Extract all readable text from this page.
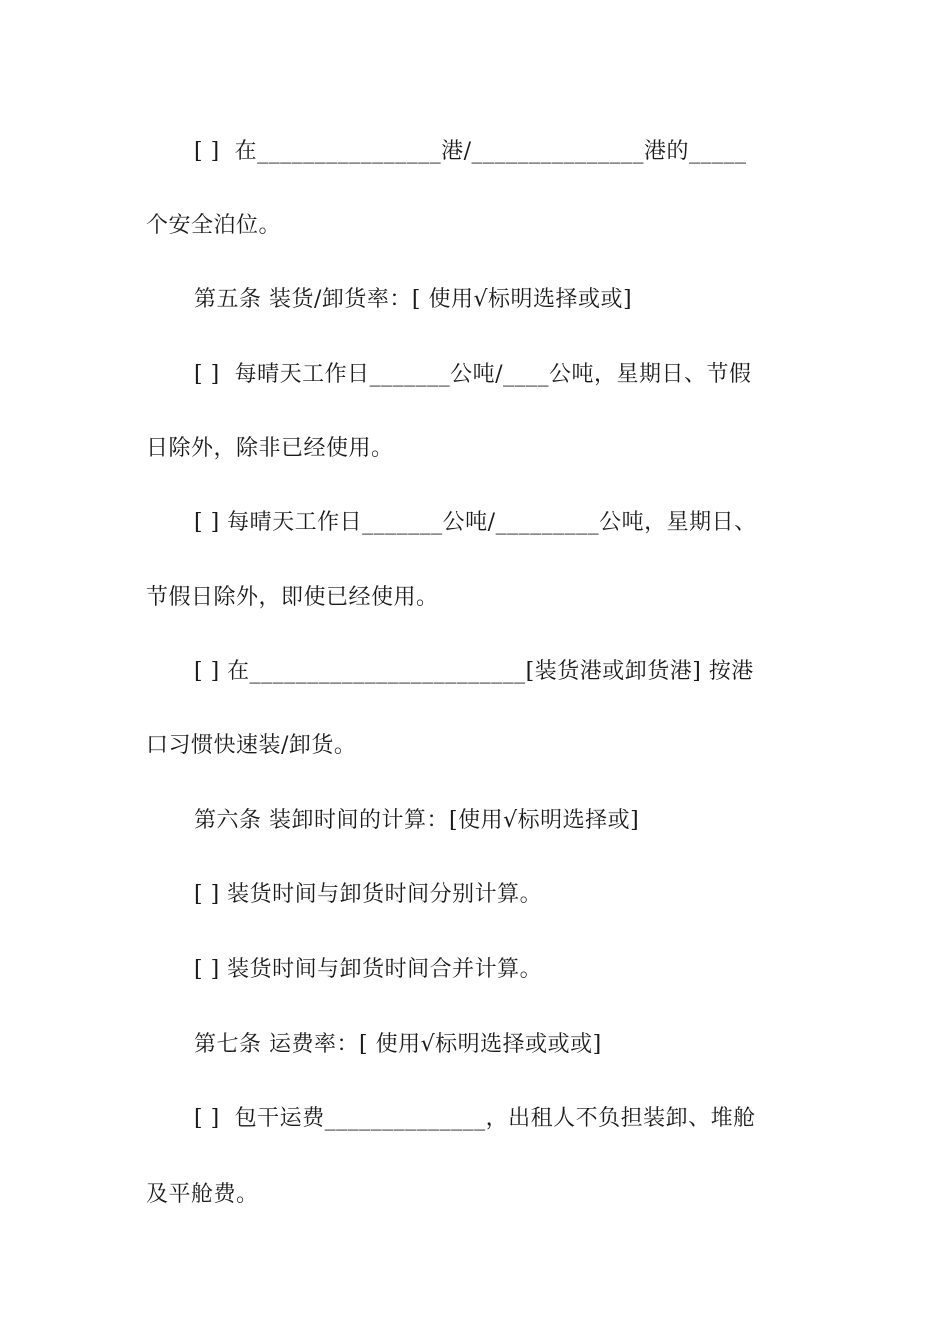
[ ]  在________________港/_______________港的_____
个安全泊位。
第五条 装货/卸货率：[ 使用√标明选择或或]
[ ]  每晴天工作日_______公吨/____公吨，星期日、节假
日除外，除非已经使用。
[ ] 每晴天工作日_______公吨/_________公吨，星期日、
节假日除外，即使已经使用。
[ ] 在________________________[装货港或卸货港] 按港
口习惯快速装/卸货。
第六条 装卸时间的计算：[使用√标明选择或]
[ ] 装货时间与卸货时间分别计算。
[ ] 装货时间与卸货时间合并计算。
第七条 运费率：[ 使用√标明选择或或或]
[ ]  包干运费______________，出租人不负担装卸、堆舱
及平舱费。
